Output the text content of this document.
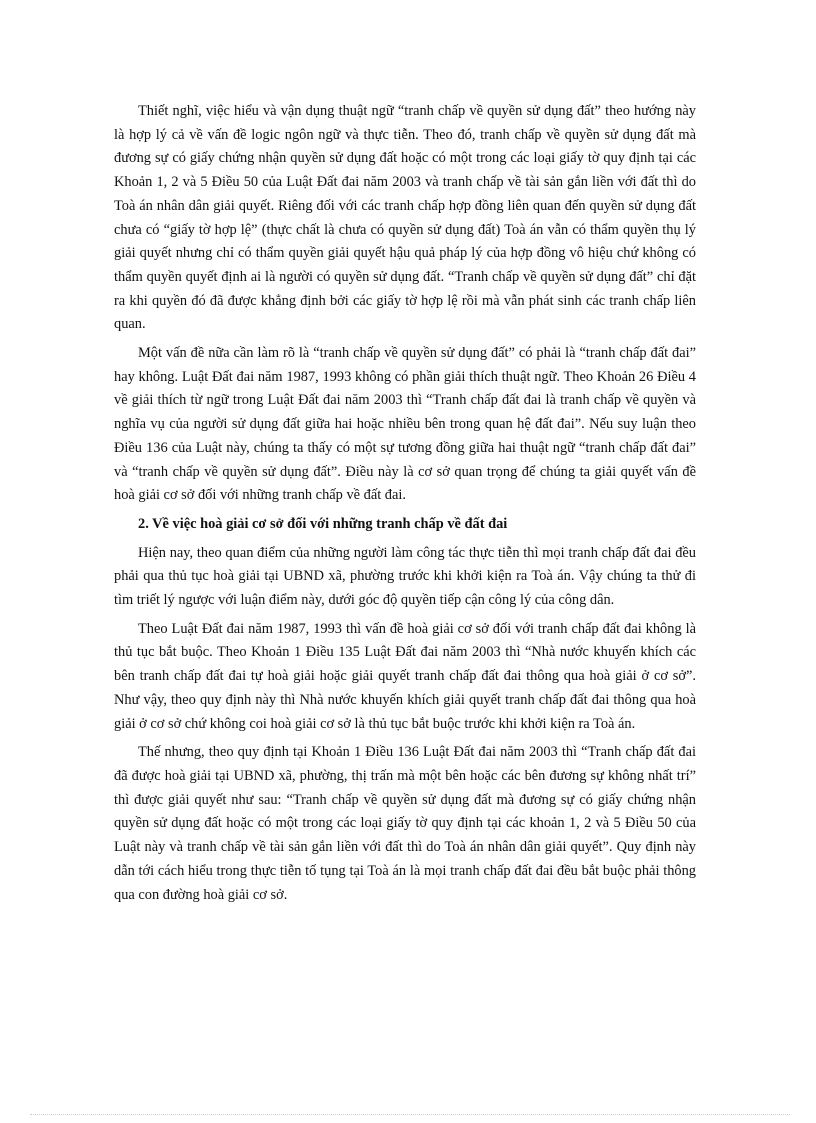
Thiết nghĩ, việc hiểu và vận dụng thuật ngữ “tranh chấp về quyền sử dụng đất” theo hướng này là hợp lý cả về vấn đề logic ngôn ngữ và thực tiễn. Theo đó, tranh chấp về quyền sử dụng đất mà đương sự có giấy chứng nhận quyền sử dụng đất hoặc có một trong các loại giấy tờ quy định tại các Khoản 1, 2 và 5 Điều 50 của Luật Đất đai năm 2003 và tranh chấp về tài sản gắn liền với đất thì do Toà án nhân dân giải quyết. Riêng đối với các tranh chấp hợp đồng liên quan đến quyền sử dụng đất chưa có “giấy tờ hợp lệ” (thực chất là chưa có quyền sử dụng đất) Toà án vẫn có thẩm quyền thụ lý giải quyết nhưng chỉ có thẩm quyền giải quyết hậu quả pháp lý của hợp đồng vô hiệu chứ không có thẩm quyền quyết định ai là người có quyền sử dụng đất. “Tranh chấp về quyền sử dụng đất” chỉ đặt ra khi quyền đó đã được khẳng định bởi các giấy tờ hợp lệ rồi mà vẫn phát sinh các tranh chấp liên quan.

Một vấn đề nữa cần làm rõ là “tranh chấp về quyền sử dụng đất” có phải là “tranh chấp đất đai” hay không. Luật Đất đai năm 1987, 1993 không có phần giải thích thuật ngữ. Theo Khoản 26 Điều 4 về giải thích từ ngữ trong Luật Đất đai năm 2003 thì “Tranh chấp đất đai là tranh chấp về quyền và nghĩa vụ của người sử dụng đất giữa hai hoặc nhiều bên trong quan hệ đất đai”. Nếu suy luận theo Điều 136 của Luật này, chúng ta thấy có một sự tương đồng giữa hai thuật ngữ “tranh chấp đất đai” và “tranh chấp về quyền sử dụng đất”. Điều này là cơ sở quan trọng để chúng ta giải quyết vấn đề hoà giải cơ sở đối với những tranh chấp về đất đai.

2. Về việc hoà giải cơ sở đối với những tranh chấp về đất đai

Hiện nay, theo quan điểm của những người làm công tác thực tiễn thì mọi tranh chấp đất đai đều phải qua thủ tục hoà giải tại UBND xã, phường trước khi khởi kiện ra Toà án. Vậy chúng ta thử đi tìm triết lý ngược với luận điểm này, dưới góc độ quyền tiếp cận công lý của công dân.

Theo Luật Đất đai năm 1987, 1993 thì vấn đề hoà giải cơ sở đối với tranh chấp đất đai không là thủ tục bắt buộc. Theo Khoản 1 Điều 135 Luật Đất đai năm 2003 thì “Nhà nước khuyến khích các bên tranh chấp đất đai tự hoà giải hoặc giải quyết tranh chấp đất đai thông qua hoà giải ở cơ sở”. Như vậy, theo quy định này thì Nhà nước khuyến khích giải quyết tranh chấp đất đai thông qua hoà giải ở cơ sở chứ không coi hoà giải cơ sở là thủ tục bắt buộc trước khi khởi kiện ra Toà án.

Thế nhưng, theo quy định tại Khoản 1 Điều 136 Luật Đất đai năm 2003 thì “Tranh chấp đất đai đã được hoà giải tại UBND xã, phường, thị trấn mà một bên hoặc các bên đương sự không nhất trí” thì được giải quyết như sau: “Tranh chấp về quyền sử dụng đất mà đương sự có giấy chứng nhận quyền sử dụng đất hoặc có một trong các loại giấy tờ quy định tại các khoản 1, 2 và 5 Điều 50 của Luật này và tranh chấp về tài sản gắn liền với đất thì do Toà án nhân dân giải quyết”. Quy định này dẫn tới cách hiểu trong thực tiễn tố tụng tại Toà án là mọi tranh chấp đất đai đều bắt buộc phải thông qua con đường hoà giải cơ sở.
